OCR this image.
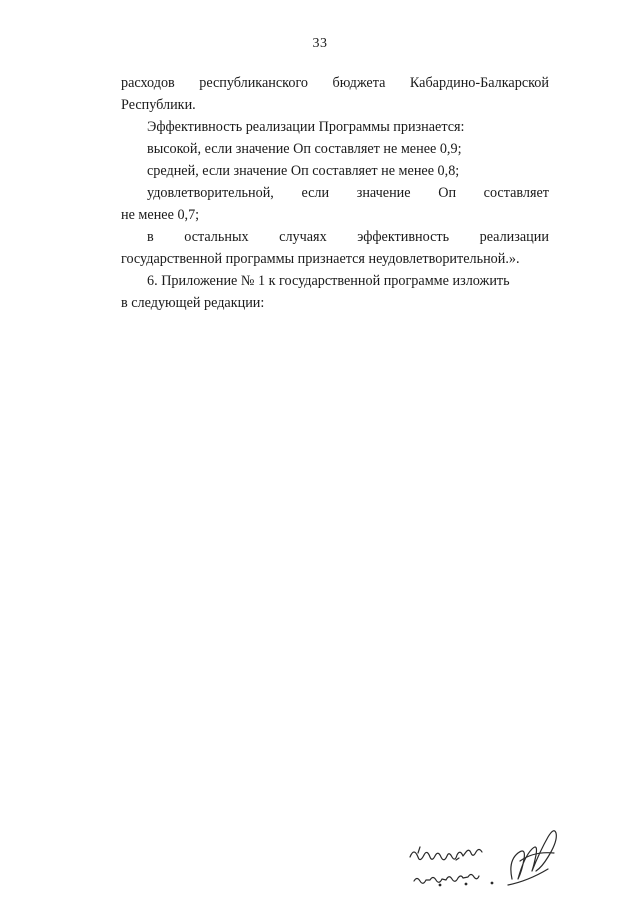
33
расходов республиканского бюджета Кабардино-Балкарской
Республики.
Эффективность реализации Программы признается:
высокой, если значение Оп составляет не менее 0,9;
средней, если значение Оп составляет не менее 0,8;
удовлетворительной, если значение Оп составляет
не менее 0,7;
в остальных случаях эффективность реализации
государственной программы признается неудовлетворительной.».
6. Приложение № 1 к государственной программе изложить
в следующей редакции:
